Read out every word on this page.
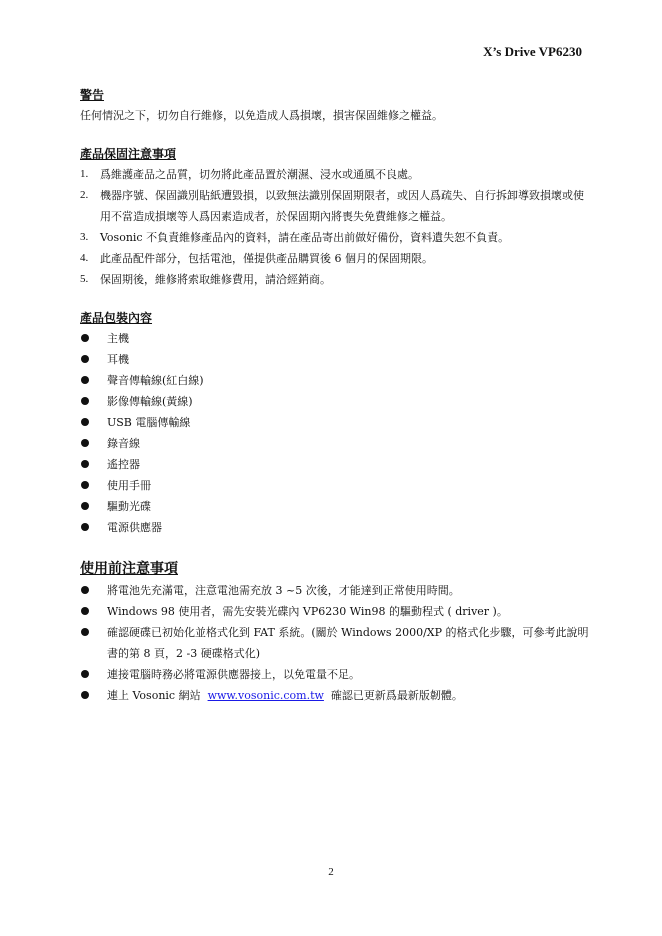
X’s Drive VP6230
警告

任何情況之下，切勿自行維修，以免造成人爲損壞，損害保固維修之權益。

產品保固注意事項
1. 爲維護產品之品質，切勿將此產品置於潮濕、浸水或通風不良處。
2. 機器序號、保固識別貼紙遭毀損，以致無法識別保固期限者，或因人爲疏失、自行拆卸導致損壞或使用不當造成損壞等人爲因素造成者，於保固期內將喪失免費維修之權益。
3. Vosonic 不負責維修產品內的資料，請在產品寄出前做好備份，資料遺失恕不負責。
4. 此產品配件部分，包括電池，僅提供產品購買後 6 個月的保固期限。
5. 保固期後，維修將索取維修費用，請洽經銷商。
產品包裝內容
主機
耳機
聲音傳輸線(紅白線)
影像傳輸線(黃線)
USB 電腦傳輸線
錄音線
遙控器
使用手冊
驅動光碟
電源供應器
使用前注意事項
將電池先充滿電，注意電池需充放 3 ~5 次後，才能達到正常使用時間。
Windows 98 使用者，需先安裝光碟內 VP6230 Win98 的驅動程式 ( driver )。
確認硬碟已初始化並格式化到 FAT 系統。(關於 Windows 2000/XP 的格式化步驟，可參考此說明書的第 8 頁，2 -3 硬碟格式化)
連接電腦時務必將電源供應器接上，以免電量不足。
連上 Vosonic 網站  www.vosonic.com.tw  確認已更新爲最新版韌體。
2
